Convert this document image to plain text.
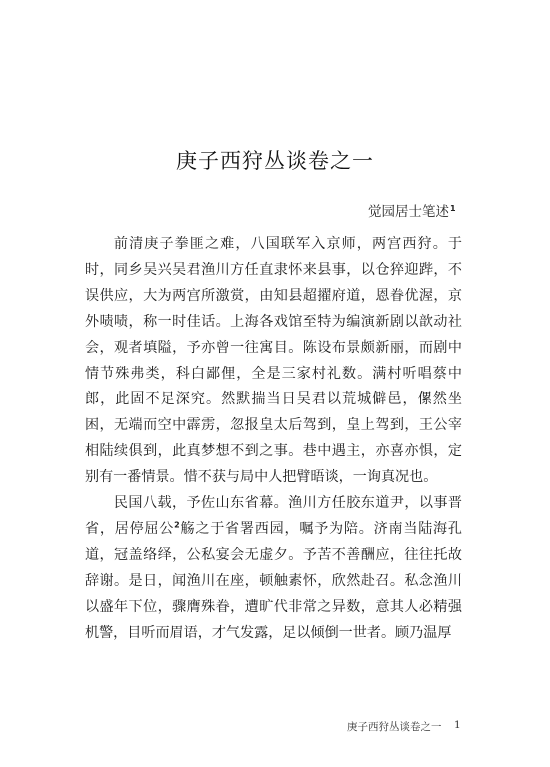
庚子西狩丛谈卷之一
觉园居士笔述$^1$

前清庚子拳匪之难，八国联军入京师，两宫西狩。于时，同乡吴兴吴君渔川方任直隶怀来县事，以仓猝迎跸，不误供应，大为两宫所激赏，由知县超擢府道，恩眷优渥，京外啧啧，称一时佳话。上海各戏馆至特为编演新剧以歆动社会，观者填隘，予亦曾一往寓目。陈设布景颇新丽，而剧中情节殊弗类，科白鄙俚，全是三家村礼数。满村听唱蔡中郎，此固不足深究。然默揣当日吴君以荒城僻邑，傫然坐困，无端而空中霹雳，忽报皇太后驾到，皇上驾到，王公宰相陆续俱到，此真梦想不到之事。巷中遇主，亦喜亦惧，定别有一番情景。惜不获与局中人把臂晤谈，一询真况也。

民国八载，予佐山东省幕。渔川方任胶东道尹，以事晋省，居停屈公$^2$觞之于省署西园，嘱予为陪。济南当陆海孔道，冠盖络绎，公私宴会无虚夕。予苦不善酬应，往往托故辞谢。是日，闻渔川在座，顿触素怀，欣然赴召。私念渔川以盛年下位，骤膺殊眷，遭旷代非常之异数，意其人必精强机警，目听而眉语，才气发露，足以倾倒一世者。顾乃温厚

庚子西狩丛谈卷之一 1
